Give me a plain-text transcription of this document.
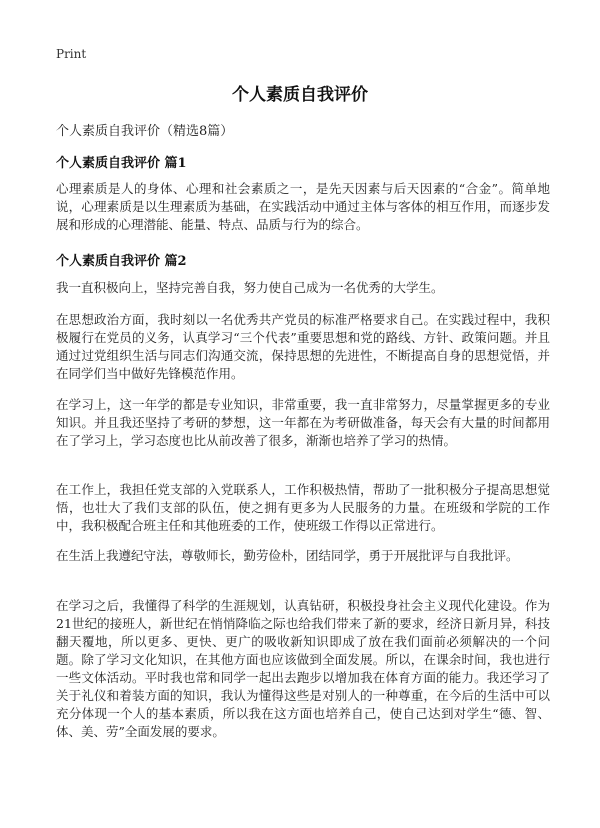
Print
个人素质自我评价
个人素质自我评价（精选8篇）
个人素质自我评价 篇1

心理素质是人的身体、心理和社会素质之一，是先天因素与后天因素的“合金”。简单地说，心理素质是以生理素质为基础，在实践活动中通过主体与客体的相互作用，而逐步发展和形成的心理潜能、能量、特点、品质与行为的综合。

个人素质自我评价 篇2

我一直积极向上，坚持完善自我，努力使自己成为一名优秀的大学生。

在思想政治方面，我时刻以一名优秀共产党员的标准严格要求自己。在实践过程中，我积极履行在党员的义务，认真学习“三个代表”重要思想和党的路线、方针、政策问题。并且通过过党组织生活与同志们沟通交流，保持思想的先进性，不断提高自身的思想觉悟，并在同学们当中做好先锋模范作用。

在学习上，这一年学的都是专业知识，非常重要，我一直非常努力，尽量掌握更多的专业知识。并且我还坚持了考研的梦想，这一年都在为考研做准备，每天会有大量的时间都用在了学习上，学习态度也比从前改善了很多，渐渐也培养了学习的热情。

在工作上，我担任党支部的入党联系人，工作积极热情，帮助了一批积极分子提高思想觉悟，也壮大了我们支部的队伍，使之拥有更多为人民服务的力量。在班级和学院的工作中，我积极配合班主任和其他班委的工作，使班级工作得以正常进行。

在生活上我遵纪守法，尊敬师长，勤劳俭朴，团结同学，勇于开展批评与自我批评。

在学习之后，我懂得了科学的生涯规划，认真钻研，积极投身社会主义现代化建设。作为21世纪的接班人，新世纪在悄悄降临之际也给我们带来了新的要求，经济日新月异，科技翻天覆地，所以更多、更快、更广的吸收新知识即成了放在我们面前必须解决的一个问题。除了学习文化知识，在其他方面也应该做到全面发展。所以，在课余时间，我也进行一些文体活动。平时我也常和同学一起出去跑步以增加我在体育方面的能力。我还学习了关于礼仪和着装方面的知识，我认为懂得这些是对别人的一种尊重，在今后的生活中可以充分体现一个人的基本素质，所以我在这方面也培养自己，使自己达到对学生“德、智、体、美、劳”全面发展的要求。
